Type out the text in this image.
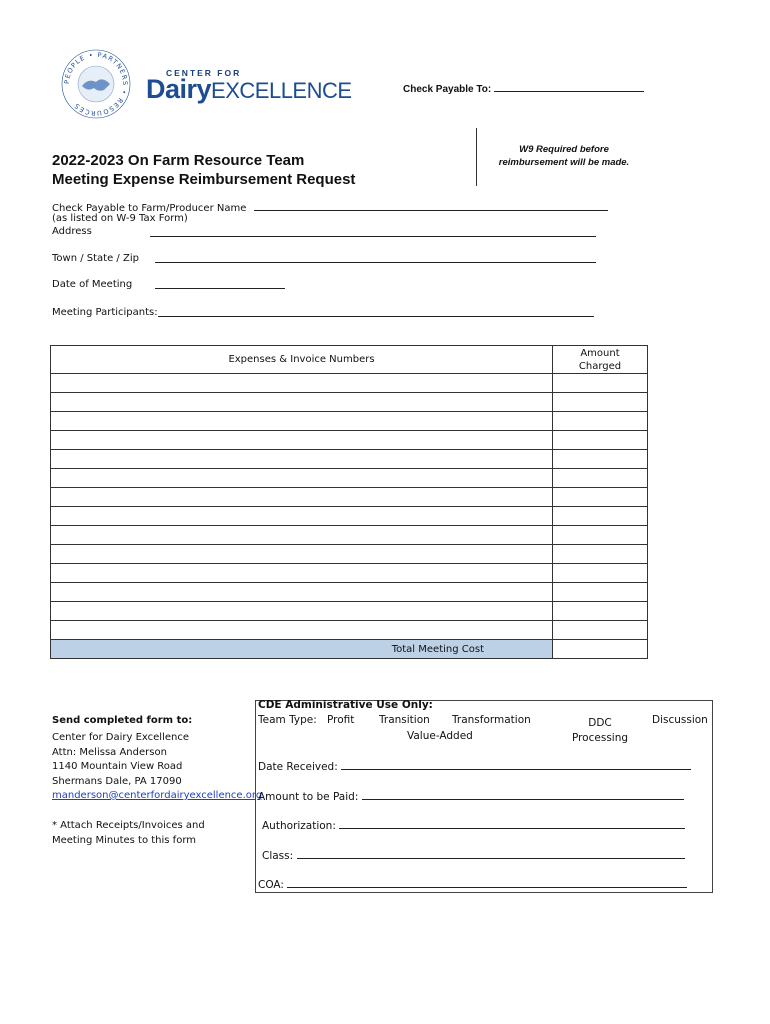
PEOPLE • PARTNERS • RESOURCES
CENTER FOR
DairyEXCELLENCE	Check Payable To:
W9 Required before
reimbursement will be made.
2022-2023 On Farm Resource Team
Meeting Expense Reimbursement Request
Check Payable to Farm/Producer Name
(as listed on W-9 Tax Form)
Address
Town / State / Zip
Date of Meeting
Meeting Participants:
Expenses & Invoice Numbers	Amount
Charged

Total Meeting Cost	
Send completed form to:
Center for Dairy Excellence
Attn: Melissa Anderson
1140 Mountain View Road
Shermans Dale, PA 17090
manderson@centerfordairyexcellence.org
* Attach Receipts/Invoices and
Meeting Minutes to this form
CDE Administrative Use Only:
Team Type: Profit Transition Transformation	DDC
Processing
Discussion
Value-Added
Date Received:
Amount to be Paid:
Authorization:
Class:
COA:
